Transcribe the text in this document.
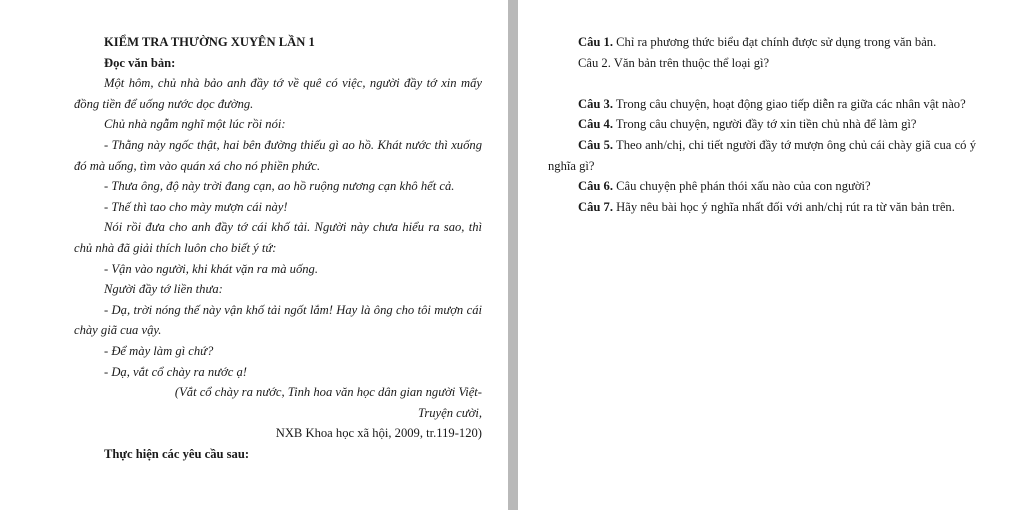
KIỂM TRA THƯỜNG XUYÊN LẦN 1

Đọc văn bản:

Một hôm, chủ nhà bảo anh đầy tớ về quê có việc, người đầy tớ xin mấy đồng tiền để uống nước dọc đường.

Chủ nhà ngẫm nghĩ một lúc rồi nói:

- Thằng này ngốc thật, hai bên đường thiếu gì ao hồ. Khát nước thì xuống đó mà uống, tìm vào quán xá cho nó phiền phức.

- Thưa ông, độ này trời đang cạn, ao hồ ruộng nương cạn khô hết cả.

- Thế thì tao cho mày mượn cái này!

Nói rồi đưa cho anh đầy tớ cái khố tải. Người này chưa hiểu ra sao, thì chủ nhà đã giải thích luôn cho biết ý tứ:

- Vận vào người, khi khát vặn ra mà uống.

Người đầy tớ liền thưa:

- Dạ, trời nóng thế này vận khố tải ngốt lắm! Hay là ông cho tôi mượn cái chày giã cua vậy.

- Để mày làm gì chứ?

- Dạ, vắt cổ chày ra nước ạ!

(Vắt cổ chày ra nước, Tinh hoa văn học dân gian người Việt-

Truyện cười,

NXB Khoa học xã hội, 2009, tr.119-120)

Thực hiện các yêu cầu sau:

Câu 1. Chỉ ra phương thức biểu đạt chính được sử dụng trong văn bản.

Câu 2. Văn bản trên thuộc thể loại gì?

Câu 3. Trong câu chuyện, hoạt động giao tiếp diễn ra giữa các nhân vật nào?

Câu 4. Trong câu chuyện, người đầy tớ xin tiền chủ nhà để làm gì?

Câu 5. Theo anh/chị, chi tiết người đầy tớ mượn ông chủ cái chày giã cua có ý nghĩa gì?

Câu 6. Câu chuyện phê phán thói xấu nào của con người?

Câu 7. Hãy nêu bài học ý nghĩa nhất đối với anh/chị rút ra từ văn bản trên.
